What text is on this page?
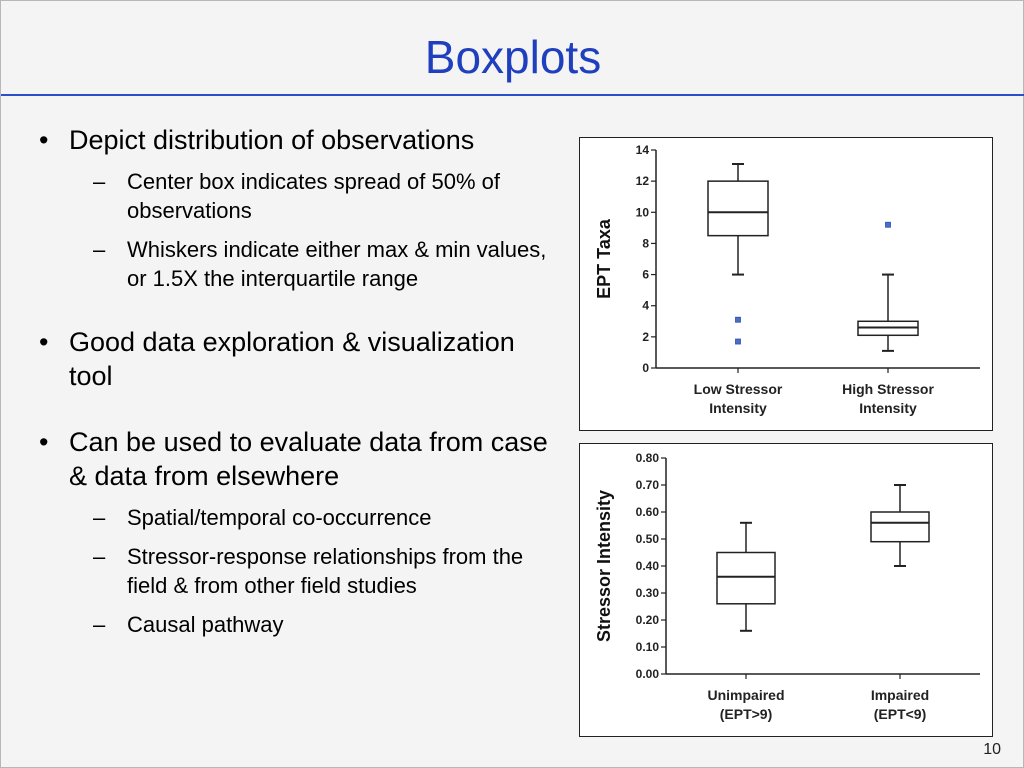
Boxplots
• Depict distribution of observations
– Center box indicates spread of 50% of observations
– Whiskers indicate either max & min values, or 1.5X the interquartile range
• Good data exploration & visualization tool
• Can be used to evaluate data from case & data from elsewhere
– Spatial/temporal co-occurrence
– Stressor-response relationships from the field & from other field studies
– Causal pathway
0
2
4
6
8
10
12
14
Low Stressor
Intensity
High Stressor
Intensity
EPT Taxa
0.00
0.10
0.20
0.30
0.40
0.50
0.60
0.70
0.80
Unimpaired
(EPT>9)
Impaired
(EPT<9)
Stressor Intensity
10
